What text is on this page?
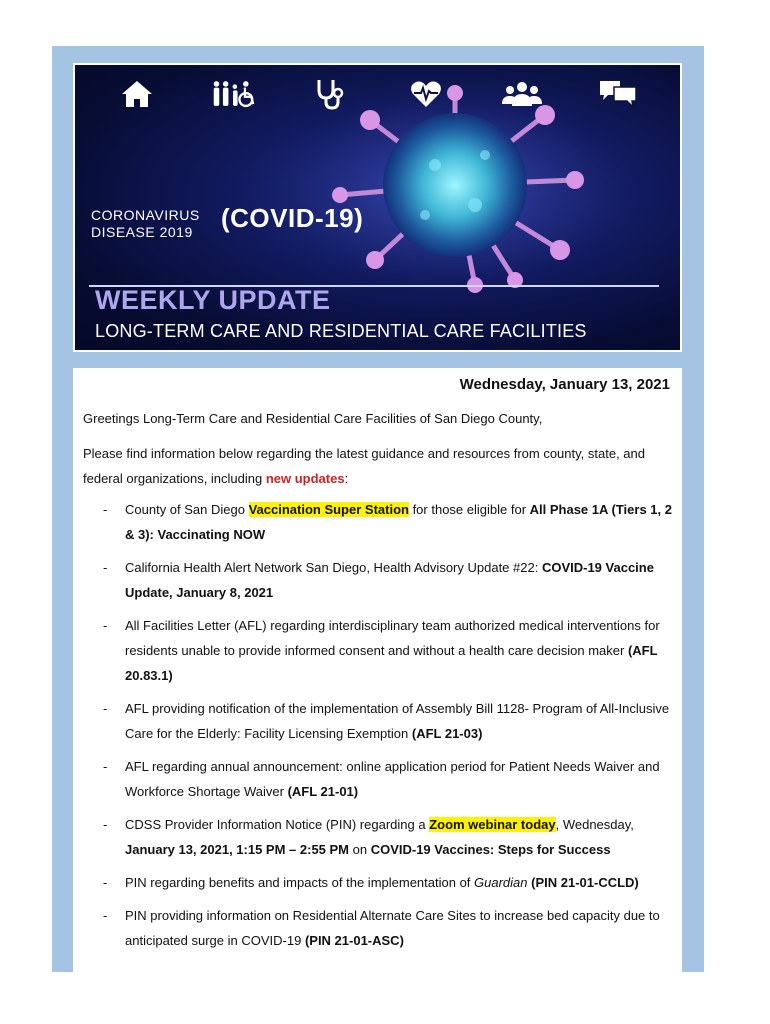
CORONAVIRUS
DISEASE 2019 (COVID-19)
WEEKLY UPDATE
LONG-TERM CARE AND RESIDENTIAL CARE FACILITIES
Wednesday, January 13, 2021
Greetings Long-Term Care and Residential Care Facilities of San Diego County,
Please find information below regarding the latest guidance and resources from county, state, and federal organizations, including new updates:
- County of San Diego Vaccination Super Station for those eligible for All Phase 1A (Tiers 1, 2 & 3): Vaccinating NOW
- California Health Alert Network San Diego, Health Advisory Update #22: COVID-19 Vaccine Update, January 8, 2021
- All Facilities Letter (AFL) regarding interdisciplinary team authorized medical interventions for residents unable to provide informed consent and without a health care decision maker (AFL 20.83.1)
- AFL providing notification of the implementation of Assembly Bill 1128- Program of All-Inclusive Care for the Elderly: Facility Licensing Exemption (AFL 21-03)
- AFL regarding annual announcement: online application period for Patient Needs Waiver and Workforce Shortage Waiver (AFL 21-01)
- CDSS Provider Information Notice (PIN) regarding a Zoom webinar today, Wednesday, January 13, 2021, 1:15 PM – 2:55 PM on COVID-19 Vaccines: Steps for Success
- PIN regarding benefits and impacts of the implementation of Guardian (PIN 21-01-CCLD)
- PIN providing information on Residential Alternate Care Sites to increase bed capacity due to anticipated surge in COVID-19 (PIN 21-01-ASC)
